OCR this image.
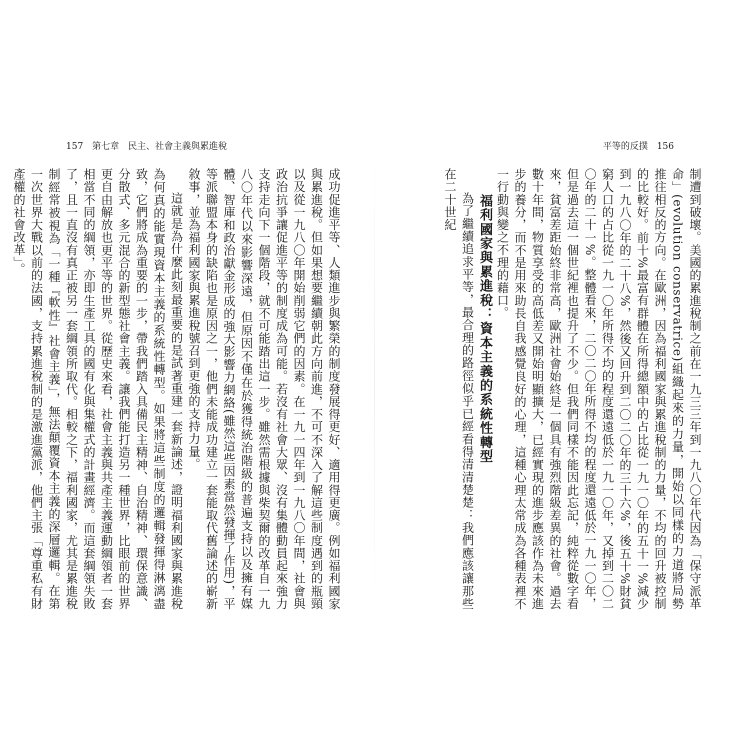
157 第七章 民主、社會主義與累進稅	平等的反撲 156

成功促進平等、人類進步與繁榮的制度發展得更好、適用得更廣。例如福利國家與累進稅。但如果想要繼續朝此方向前進，不可不深入了解這些制度遇到的瓶頸以及從一九八〇年開始削弱它們的因素。在一九一四年到一九八〇年間，社會與政治抗爭讓促進平等的制度成為可能。若沒有社會大眾、沒有集體動員起來強力支持走向下一個階段，就不可能踏出這一步。雖然需根據與柴契爾的改革自一九八〇年代以來影響深遠，但原因不僅在於獲得統治階級的普遍支持以及擁有媒體、智庫和政治獻金形成的強大影響力網絡(雖然這些因素當然發揮了作用)，平等派聯盟本身的缺陷也是原因之一，他們未能成功建立一套能取代舊論述的嶄新敘事，並為福利國家與累進稅號召到更強的支持力量。

這就是為什麼此刻最重要的是試著重建一套新論述，證明福利國家與累進稅為何真的能實現資本主義的系統性轉型。如果將這些制度的邏輯發揮得淋漓盡致，它們將成為重要的一步，帶我們踏入具備民主精神、自治精神、環保意識、分散式、多元混合的新型態社會主義。讓我們能打造另一種世界，比眼前的世界更自由解放也更平等的世界。從歷史來看，社會主義與共產主義運動綱領者一套相當不同的綱領，亦即生產工具的國有化與集權式的計畫經濟。而這套綱領失敗了，且一直沒有真正被另一套綱領所取代。相較之下，福利國家，尤其是累進稅制經常被視為「一種『軟性』社會主義」，無法顛覆資本主義的深層邏輯。在第一次世界大戰以前的法國，支持累進稅制的是激進黨派，他們主張「尊重私有財產權的社會改革」。	制遭到破壞。美國的累進稅制之前在一九三三年到一九八〇年代因為「保守派革命」(evolution conservatrice)組織起來的力量，開始以同樣的力道將局勢推往相反的方向。在歐洲，因為福利國家與累進稅制的力量，不均的回升被控制的比較好。前十%最富有群體在所得總額中的占比從一九一〇年的五十一%減少到一九八〇年的二十八%，然後又回升到二〇二〇年的三十六%，後五十%財貧窮人口的占比從一九一〇年所得不均的程度還遠低於一九一〇年，又掉到二〇二〇年的二十一%。整體看來，二〇二〇年所得不均的程度還遠低於一九一〇年，但是過去這一個世紀裡也提升了不少。但我們同樣不能因此忘記，純粹從數字看來，貧富差距始終非常高，歐洲社會始終是一個具有強烈階級差異的社會。過去數十年間，物質享受的高低差又開始明顯擴大，已經實現的進步應該作為未來進步的養分，而不是用來助長自我感覺良好的心理，這種心理太常成為各種表裡不一行動與變之不理的藉口。

福利國家與累進稅：資本主義的系統性轉型

為了繼續追求平等，最合理的路徑似乎已經看得清清楚楚：我們應該讓那些在二十世紀
